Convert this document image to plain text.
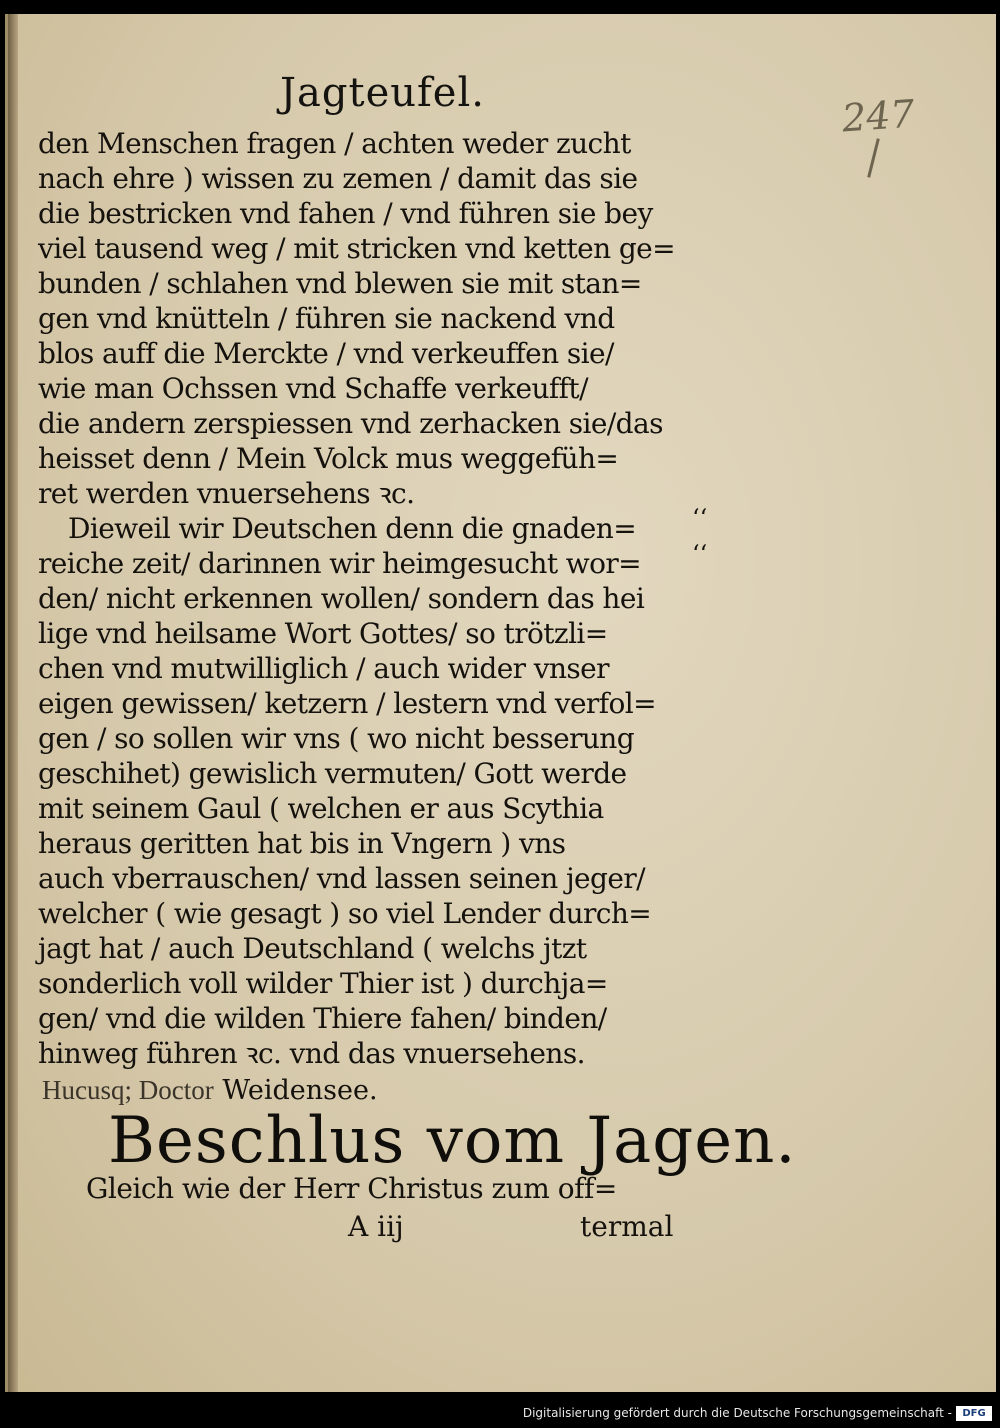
Jagteufel.	247
den Menschen fragen / achten weder zucht
nach ehre ) wissen zu zemen / damit das sie
die bestricken vnd fahen / vnd führen sie bey
viel tausend weg / mit stricken vnd ketten ge=
bunden / schlahen vnd blewen sie mit stan=
gen vnd knütteln / führen sie nackend vnd
blos auff die Merckte / vnd verkeuffen sie/
wie man Ochssen vnd Schaffe verkeufft/
die andern zerspiessen vnd zerhacken sie/das
heisset denn / Mein Volck mus weggefüh=
ret werden vnuersehens ꝛc.
Dieweil wir Deutschen denn die gnaden=
reiche zeit/ darinnen wir heimgesucht wor=
den/ nicht erkennen wollen/ sondern das hei
lige vnd heilsame Wort Gottes/ so trötzli=
chen vnd mutwilliglich / auch wider vnser
eigen gewissen/ ketzern / lestern vnd verfol=
gen / so sollen wir vns ( wo nicht besserung
geschihet) gewislich vermuten/ Gott werde
mit seinem Gaul ( welchen er aus Scythia
heraus geritten hat bis in Vngern ) vns
auch vberrauschen/ vnd lassen seinen jeger/
welcher ( wie gesagt ) so viel Lender durch=
jagt hat / auch Deutschland ( welchs jtzt
sonderlich voll wilder Thier ist ) durchja=
gen/ vnd die wilden Thiere fahen/ binden/
hinweg führen ꝛc. vnd das vnuersehens.
Hucusq; Doctor Weidensee.
‘‘
‘‘
Beschlus vom Jagen.
Gleich wie der Herr Christus zum off=
A iij	termal
Digitalisierung gefördert durch die Deutsche Forschungsgemeinschaft -	DFG
